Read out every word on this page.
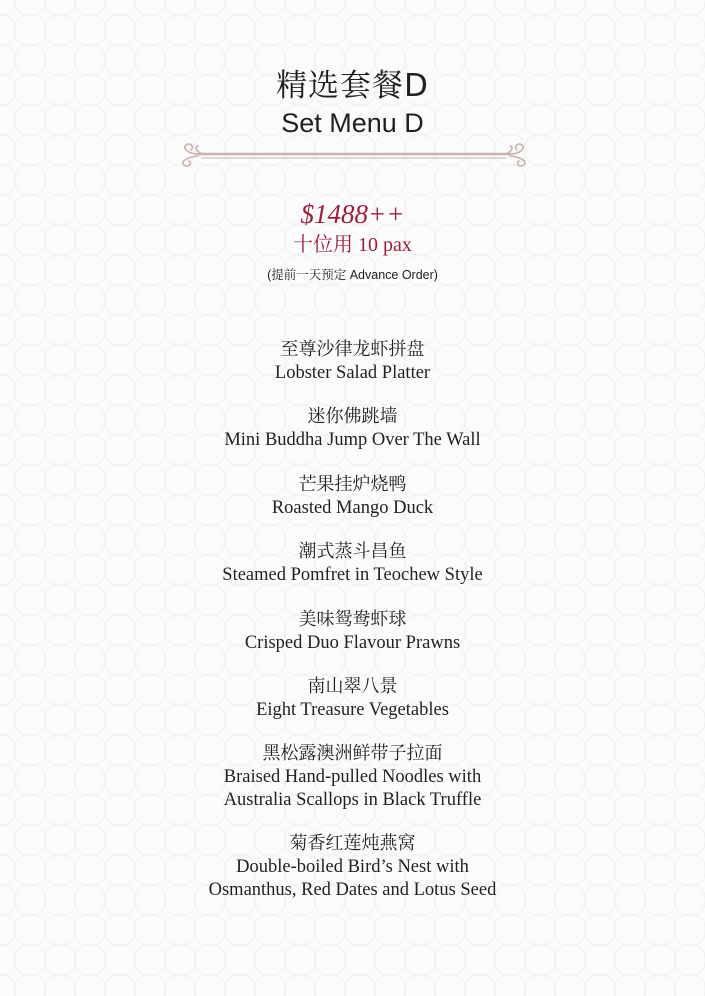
精选套餐D
Set Menu D
$1488++
十位用 10 pax
(提前一天预定 Advance Order)
至尊沙律龙虾拼盘
Lobster Salad Platter
迷你佛跳墙
Mini Buddha Jump Over The Wall
芒果挂炉烧鸭
Roasted Mango Duck
潮式蒸斗昌鱼
Steamed Pomfret in Teochew Style
美味鸳鸯虾球
Crisped Duo Flavour Prawns
南山翠八景
Eight Treasure Vegetables
黑松露澳洲鲜带子拉面
Braised Hand-pulled Noodles with
Australia Scallops in Black Truffle
菊香红莲炖燕窝
Double-boiled Bird’s Nest with
Osmanthus, Red Dates and Lotus Seed
